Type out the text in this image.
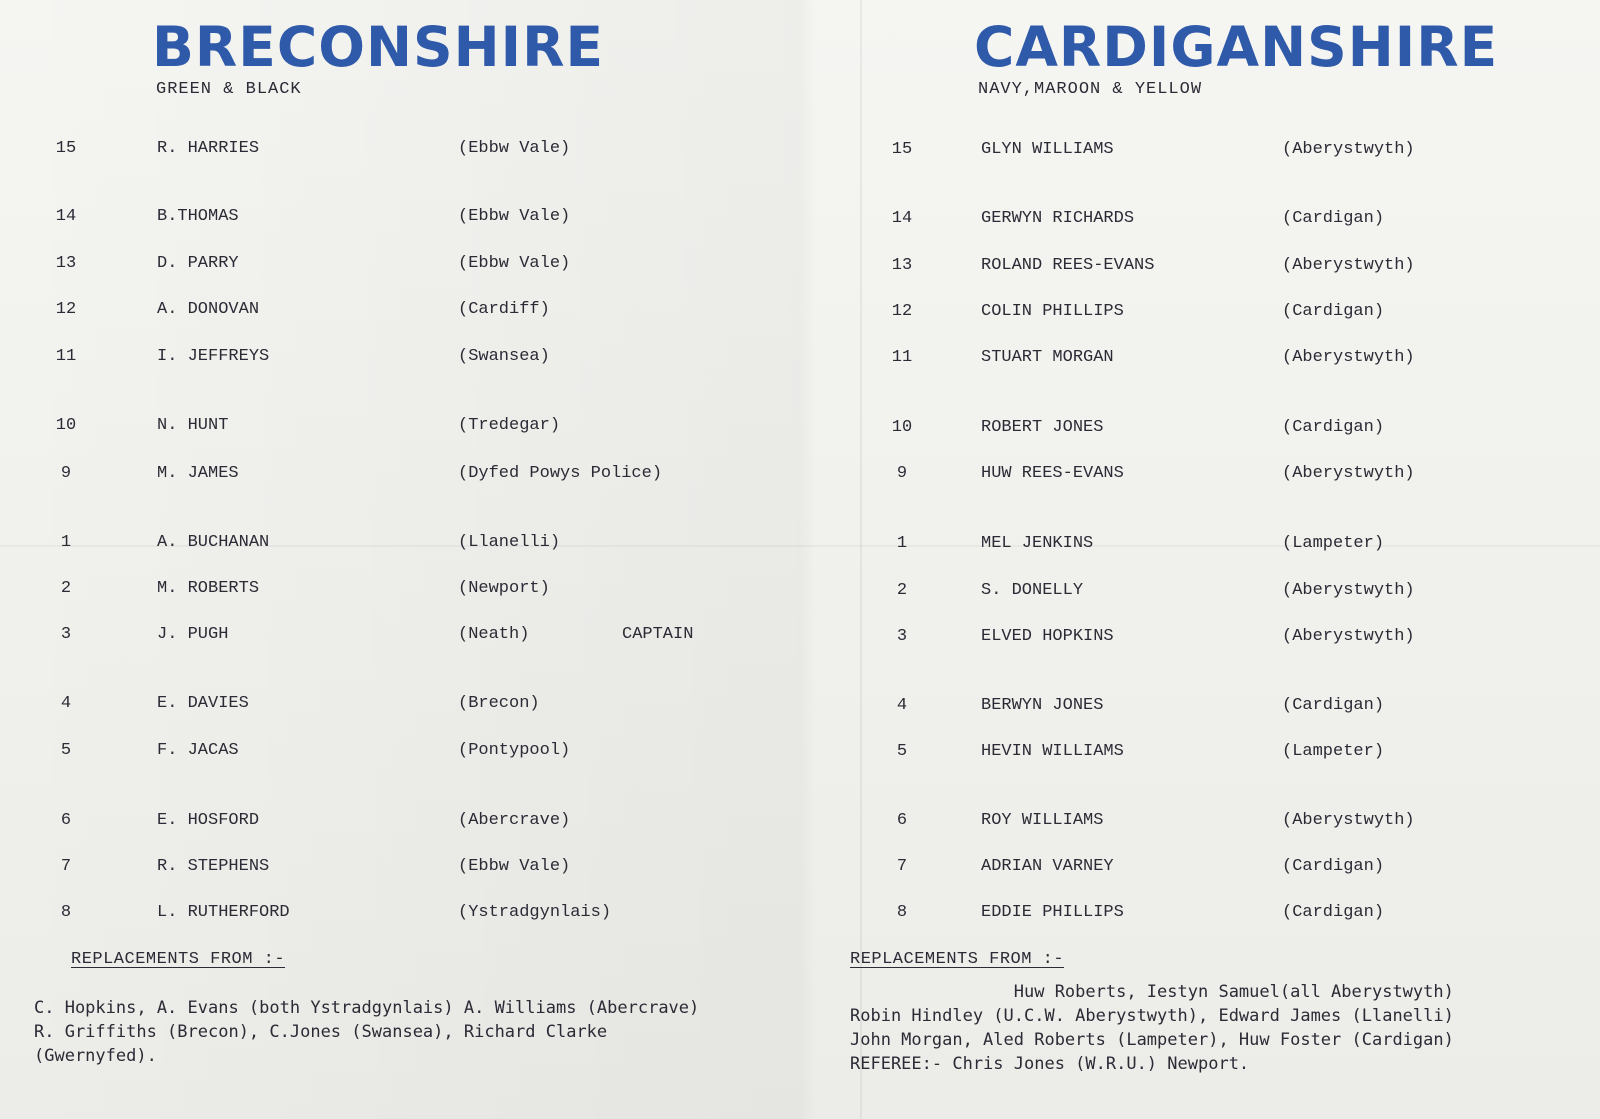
BRECONSHIRE
GREEN & BLACK
15	R. HARRIES	(Ebbw Vale)
14	B.THOMAS	(Ebbw Vale)
13	D. PARRY	(Ebbw Vale)
12	A. DONOVAN	(Cardiff)
11	I. JEFFREYS	(Swansea)
10	N. HUNT	(Tredegar)
9	M. JAMES	(Dyfed Powys Police)
1	A. BUCHANAN	(Llanelli)
2	M. ROBERTS	(Newport)
3	J. PUGH	(Neath)	CAPTAIN
4	E. DAVIES	(Brecon)
5	F. JACAS	(Pontypool)
6	E. HOSFORD	(Abercrave)
7	R. STEPHENS	(Ebbw Vale)
8	L. RUTHERFORD	(Ystradgynlais)
REPLACEMENTS FROM :-
C. Hopkins, A. Evans (both Ystradgynlais) A. Williams (Abercrave)
R. Griffiths (Brecon), C.Jones (Swansea), Richard Clarke
(Gwernyfed).
CARDIGANSHIRE
NAVY,MAROON & YELLOW
15	GLYN WILLIAMS	(Aberystwyth)
14	GERWYN RICHARDS	(Cardigan)
13	ROLAND REES-EVANS	(Aberystwyth)
12	COLIN PHILLIPS	(Cardigan)
11	STUART MORGAN	(Aberystwyth)
10	ROBERT JONES	(Cardigan)
9	HUW REES-EVANS	(Aberystwyth)
1	MEL JENKINS	(Lampeter)
2	S. DONELLY	(Aberystwyth)
3	ELVED HOPKINS	(Aberystwyth)
4	BERWYN JONES	(Cardigan)
5	HEVIN WILLIAMS	(Lampeter)
6	ROY WILLIAMS	(Aberystwyth)
7	ADRIAN VARNEY	(Cardigan)
8	EDDIE PHILLIPS	(Cardigan)
REPLACEMENTS FROM :-
Huw Roberts, Iestyn Samuel(all Aberystwyth)
Robin Hindley (U.C.W. Aberystwyth), Edward James (Llanelli)
John Morgan, Aled Roberts (Lampeter), Huw Foster (Cardigan)
REFEREE:- Chris Jones (W.R.U.) Newport.
